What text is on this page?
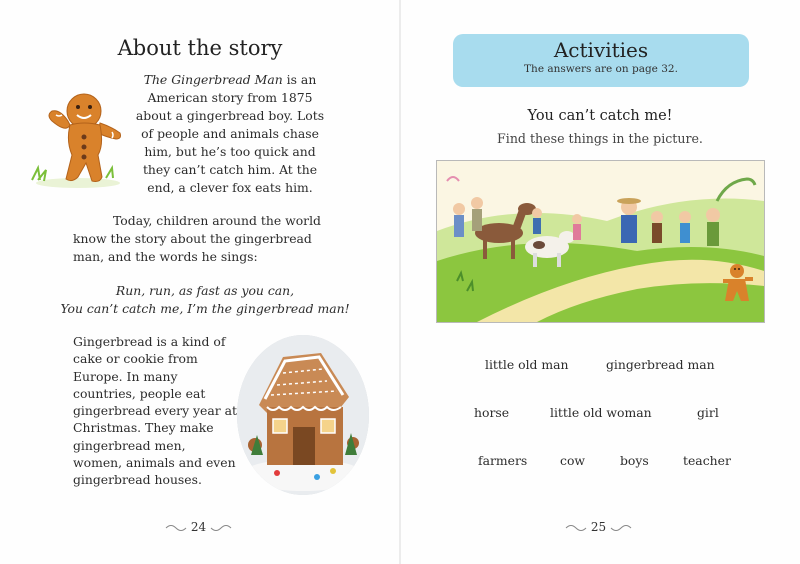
About the story
The Gingerbread Man is an American story from 1875 about a gingerbread boy. Lots of people and animals chase him, but he’s too quick and they can’t catch him. At the end, a clever fox eats him.
Today, children around the world know the story about the gingerbread man, and the words he sings:
Run, run, as fast as you can,
You can’t catch me, I’m the gingerbread man!
Gingerbread is a kind of cake or cookie from Europe. In many countries, people eat gingerbread every year at Christmas. They make gingerbread men, women, animals and even gingerbread houses.
24
Activities
The answers are on page 32.
You can’t catch me!
Find these things in the picture.
little old man	gingerbread man
horse	little old woman	girl
farmers	cow	boys	teacher
25
